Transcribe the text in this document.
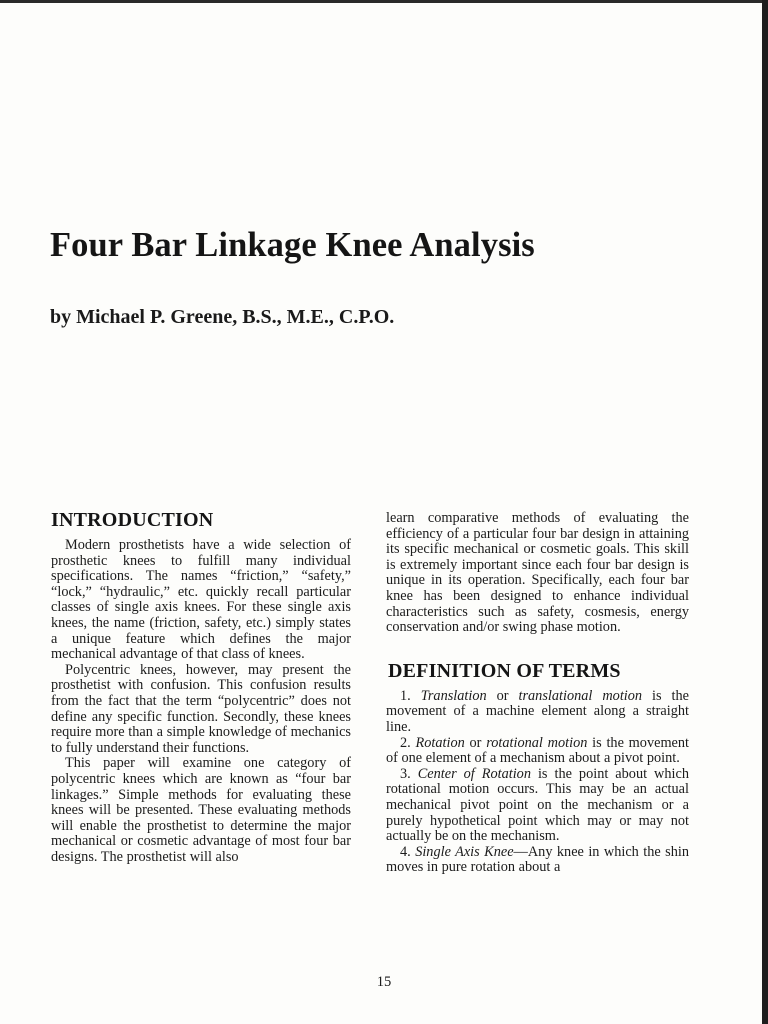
Four Bar Linkage Knee Analysis
by Michael P. Greene, B.S., M.E., C.P.O.
INTRODUCTION

Modern prosthetists have a wide selection of prosthetic knees to fulfill many individual specifications. The names “friction,” “safety,” “lock,” “hydraulic,” etc. quickly recall particular classes of single axis knees. For these single axis knees, the name (friction, safety, etc.) simply states a unique feature which defines the major mechanical advantage of that class of knees.

Polycentric knees, however, may present the prosthetist with confusion. This confusion results from the fact that the term “polycentric” does not define any specific function. Secondly, these knees require more than a simple knowledge of mechanics to fully understand their functions.

This paper will examine one category of polycentric knees which are known as “four bar linkages.” Simple methods for evaluating these knees will be presented. These evaluating methods will enable the prosthetist to determine the major mechanical or cosmetic advantage of most four bar designs. The prosthetist will also

learn comparative methods of evaluating the efficiency of a particular four bar design in attaining its specific mechanical or cosmetic goals. This skill is extremely important since each four bar design is unique in its operation. Specifically, each four bar knee has been designed to enhance individual characteristics such as safety, cosmesis, energy conservation and/or swing phase motion.

DEFINITION OF TERMS

1. Translation or translational motion is the movement of a machine element along a straight line.

2. Rotation or rotational motion is the movement of one element of a mechanism about a pivot point.

3. Center of Rotation is the point about which rotational motion occurs. This may be an actual mechanical pivot point on the mechanism or a purely hypothetical point which may or may not actually be on the mechanism.

4. Single Axis Knee—Any knee in which the shin moves in pure rotation about a

15
